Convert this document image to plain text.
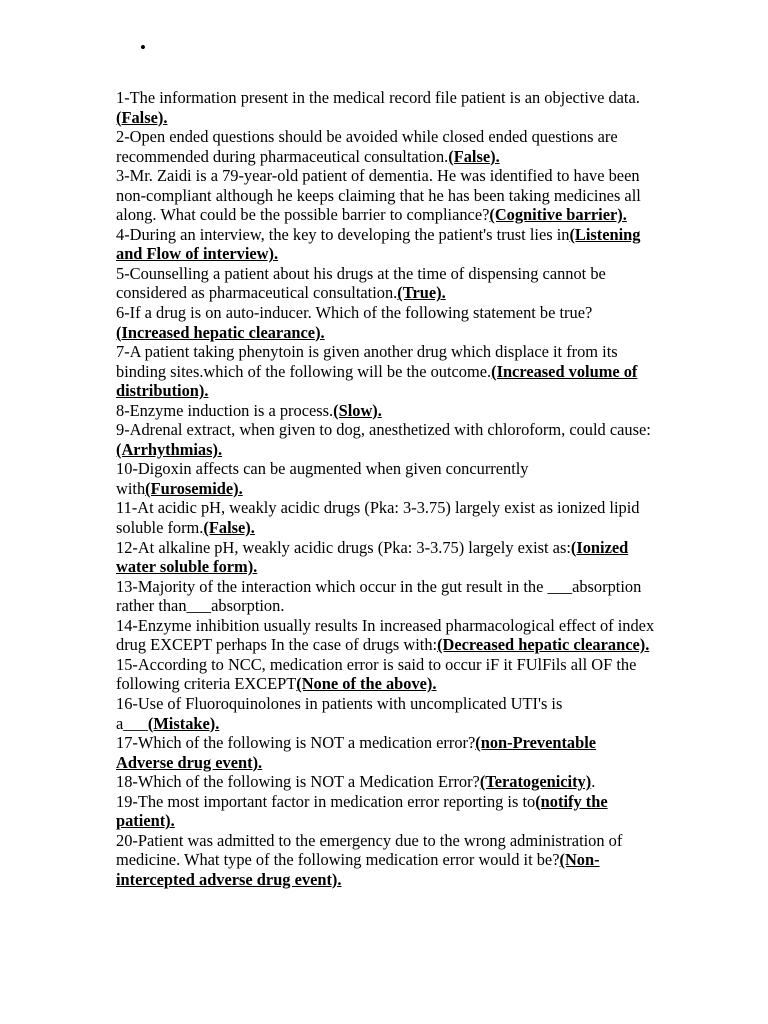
•

1-The information present in the medical record file patient is an objective data.(False).

2-Open ended questions should be avoided while closed ended questions are recommended during pharmaceutical consultation.(False).

3-Mr. Zaidi is a 79-year-old patient of dementia. He was identified to have been non-compliant although he keeps claiming that he has been taking medicines all along. What could be the possible barrier to compliance?(Cognitive barrier).

4-During an interview, the key to developing the patient's trust lies in(Listening and Flow of interview).

5-Counselling a patient about his drugs at the time of dispensing cannot be considered as pharmaceutical consultation.(True).

6-If a drug is on auto-inducer. Which of the following statement be true?(Increased hepatic clearance).

7-A patient taking phenytoin is given another drug which displace it from its binding sites.which of the following will be the outcome.(Increased volume of distribution).

8-Enzyme induction is a process.(Slow).

9-Adrenal extract, when given to dog, anesthetized with chloroform, could cause:(Arrhythmias).

10-Digoxin affects can be augmented when given concurrently with(Furosemide).

11-At acidic pH, weakly acidic drugs (Pka: 3-3.75) largely exist as ionized lipid soluble form.(False).

12-At alkaline pH, weakly acidic drugs (Pka: 3-3.75) largely exist as:(Ionized water soluble form).

13-Majority of the interaction which occur in the gut result in the ___absorption rather than___absorption.

14-Enzyme inhibition usually results In increased pharmacological effect of index drug EXCEPT perhaps In the case of drugs with:(Decreased hepatic clearance).

15-According to NCC, medication error is said to occur iF it FUlFils all OF the following criteria EXCEPT(None of the above).

16-Use of Fluoroquinolones in patients with uncomplicated UTI's is a___(Mistake).

17-Which of the following is NOT a medication error?(non-Preventable Adverse drug event).

18-Which of the following is NOT a Medication Error?(Teratogenicity).

19-The most important factor in medication error reporting is to(notify the patient).

20-Patient was admitted to the emergency due to the wrong administration of medicine. What type of the following medication error would it be?(Non-intercepted adverse drug event).
